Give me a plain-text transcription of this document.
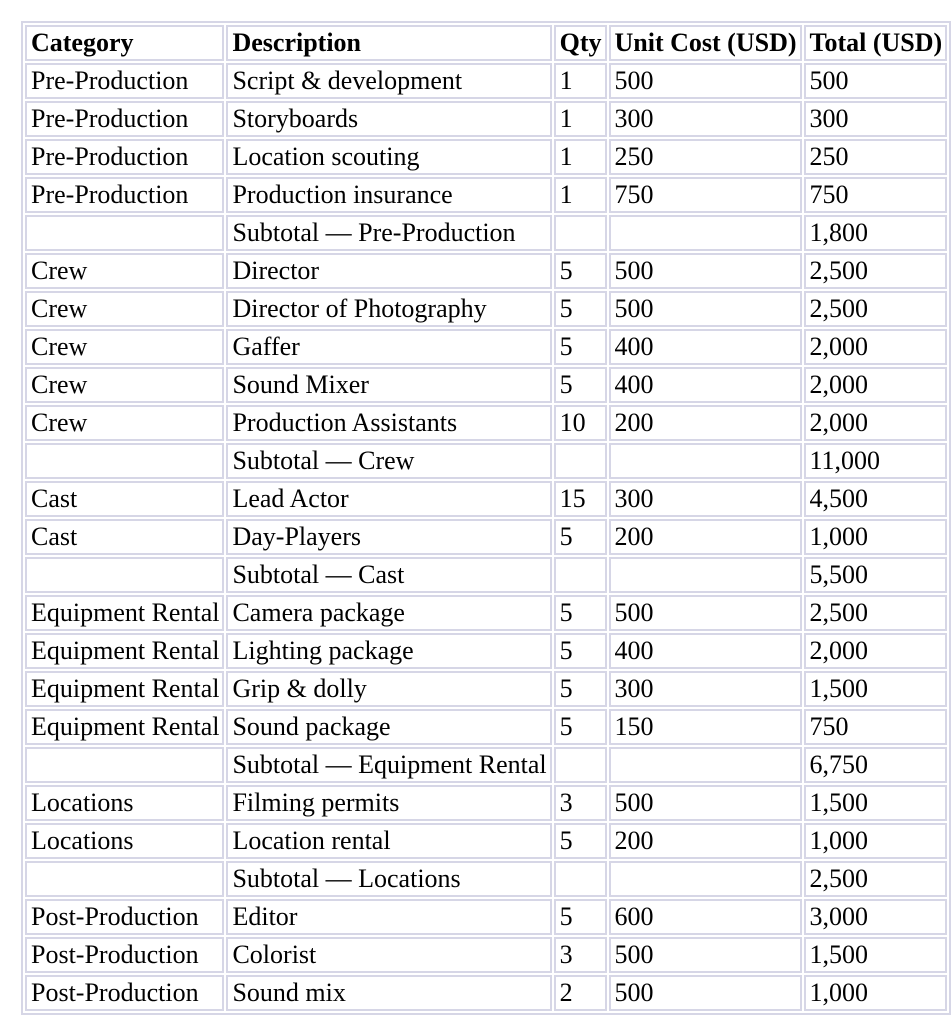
Category	Description	Qty	Unit Cost (USD)	Total (USD)
Pre-Production	Script & development	1	500	500
Pre-Production	Storyboards	1	300	300
Pre-Production	Location scouting	1	250	250
Pre-Production	Production insurance	1	750	750
	Subtotal — Pre-Production			1,800
Crew	Director	5	500	2,500
Crew	Director of Photography	5	500	2,500
Crew	Gaffer	5	400	2,000
Crew	Sound Mixer	5	400	2,000
Crew	Production Assistants	10	200	2,000
	Subtotal — Crew			11,000
Cast	Lead Actor	15	300	4,500
Cast	Day-Players	5	200	1,000
	Subtotal — Cast			5,500
Equipment Rental	Camera package	5	500	2,500
Equipment Rental	Lighting package	5	400	2,000
Equipment Rental	Grip & dolly	5	300	1,500
Equipment Rental	Sound package	5	150	750
	Subtotal — Equipment Rental			6,750
Locations	Filming permits	3	500	1,500
Locations	Location rental	5	200	1,000
	Subtotal — Locations			2,500
Post-Production	Editor	5	600	3,000
Post-Production	Colorist	3	500	1,500
Post-Production	Sound mix	2	500	1,000
